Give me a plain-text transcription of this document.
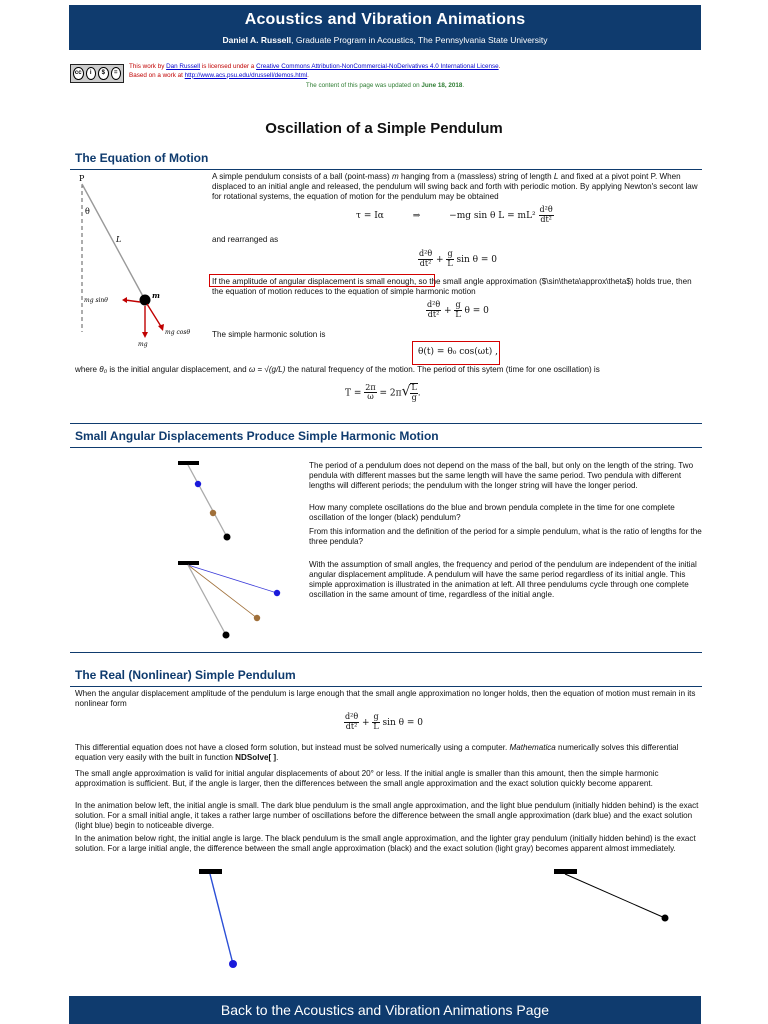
Acoustics and Vibration Animations
Daniel A. Russell, Graduate Program in Acoustics, The Pennsylvania State University
cc	i	$	=
This work by Dan Russell is licensed under a Creative Commons Attribution-NonCommercial-NoDerivatives 4.0 International License.
Based on a work at http://www.acs.psu.edu/drussell/demos.html.
The content of this page was updated on June 18, 2018.
Oscillation of a Simple Pendulum
The Equation of Motion
P
θ
L
m
mg sinθ
mg cosθ
mg
A simple pendulum consists of a ball (point-mass) m hanging from a (massless) string of length L and fixed at a pivot point P. When displaced to an initial angle and released, the pendulum will swing back and forth with periodic motion. By applying Newton's secont law for rotational systems, the equation of motion for the pendulum may be obtained
τ = Iα	⇒	−mg sin θ $L = mL^2 \frac{\text{d²θ}}{\text{dt²}}$
and rearranged as
$\frac{\text{d²θ}}{\text{dt²}} + \frac{g}{L}$ sin θ = 0
If the amplitude of angular displacement is small enough, so the small angle approximation ($\sin\theta\approx\theta$) holds true, then the equation of motion reduces to the equation of simple harmonic motion
$\frac{\text{d²θ}}{\text{dt²}} + \frac{g}{L}$ θ = 0
The simple harmonic solution is
θ(t) = θ₀ cos(ωt) ,
where θ₀ is the initial angular displacement, and ω = √(g/L) the natural frequency of the motion. The period of this sytem (time for one oscillation) is
$T = \frac{2\pi}{\omega} = 2\pi√ \frac{L}{g}$ .
Small Angular Displacements Produce Simple Harmonic Motion
The period of a pendulum does not depend on the mass of the ball, but only on the length of the string. Two pendula with different masses but the same length will have the same period. Two pendula with different lengths will different periods; the pendulum with the longer string will have the longer period.
How many complete oscillations do the blue and brown pendula complete in the time for one complete oscillation of the longer (black) pendulum?
From this information and the definition of the period for a simple pendulum, what is the ratio of lengths for the three pendula?
With the assumption of small angles, the frequency and period of the pendulum are independent of the initial angular displacement amplitude. A pendulum will have the same period regardless of its initial angle. This simple approximation is illustrated in the animation at left. All three pendulums cycle through one complete oscillation in the same amount of time, regardless of the initial angle.
The Real (Nonlinear) Simple Pendulum
When the angular displacement amplitude of the pendulum is large enough that the small angle approximation no longer holds, then the equation of motion must remain in its nonlinear form
$\frac{\text{d²θ}}{\text{dt²}} + \frac{g}{L}$ sin θ = 0
This differential equation does not have a closed form solution, but instead must be solved numerically using a computer. Mathematica numerically solves this differential equation very easily with the built in function NDSolve[ ].
The small angle approximation is valid for initial angular displacements of about 20° or less. If the initial angle is smaller than this amount, then the simple harmonic approximation is sufficient. But, if the angle is larger, then the differences between the small angle approximation and the exact solution quickly become apparent.
In the animation below left, the initial angle is small. The dark blue pendulum is the small angle approximation, and the light blue pendulum (initially hidden behind) is the exact solution. For a small initial angle, it takes a rather large number of oscillations before the difference between the small angle approximation (dark blue) and the exact solution (light blue) begin to noticeable diverge.
In the animation below right, the initial angle is large. The black pendulum is the small angle approximation, and the lighter gray pendulum (initially hidden behind) is the exact solution. For a large initial angle, the difference between the small angle approximation (black) and the exact solution (light gray) becomes apparent almost immediately.
Back to the Acoustics and Vibration Animations Page
